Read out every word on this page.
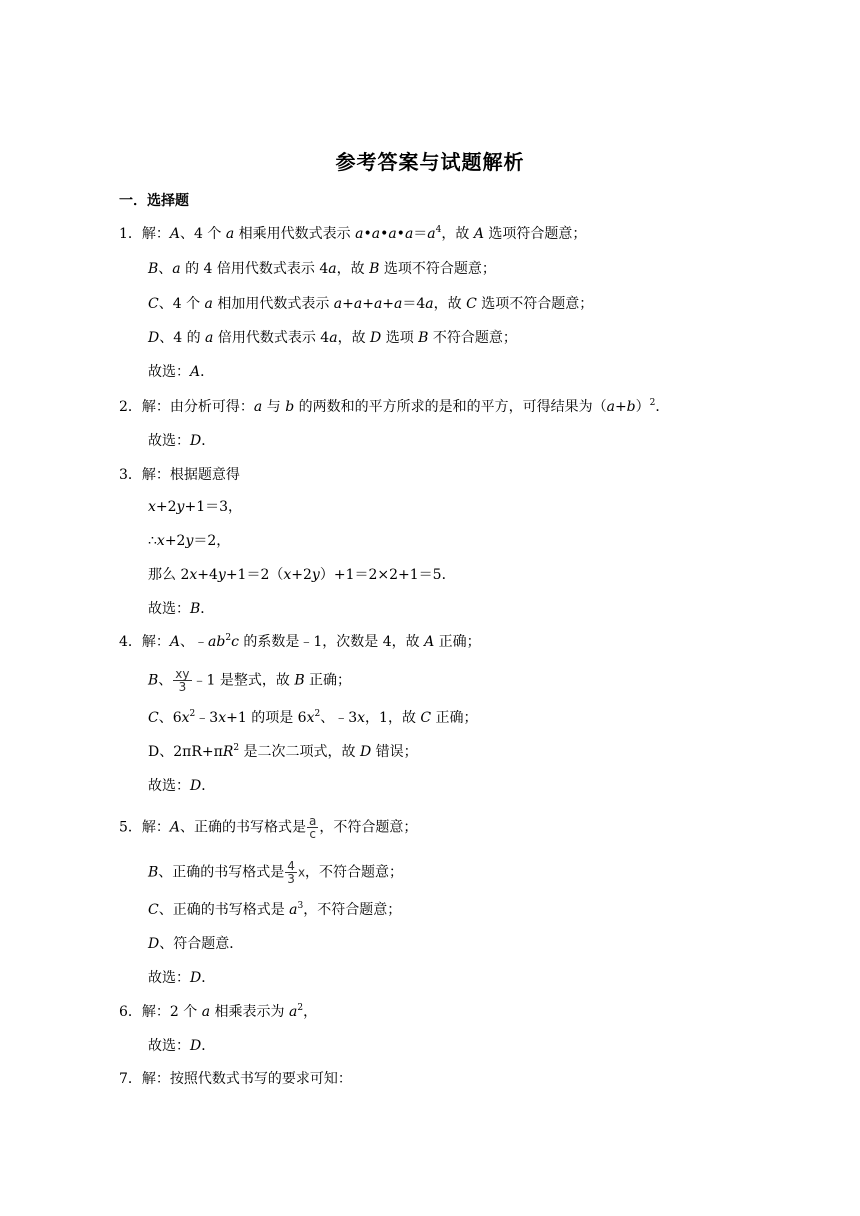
参考答案与试题解析
一．选择题
1．解：A、4 个 a 相乘用代数式表示 $a•a•a•a=a^4$，故 A 选项符合题意；
B、a 的 4 倍用代数式表示 4a，故 B 选项不符合题意；
C、4 个 a 相加用代数式表示 a+a+a+a＝4a，故 C 选项不符合题意；
D、4 的 a 倍用代数式表示 4a，故 D 选项 B 不符合题意；
故选：A．
2．解：由分析可得：a 与 b 的两数和的平方所求的是和的平方，可得结果为$(a+b)^2$．
故选：D．
3．解：根据题意得
x+2y+1＝3，
∴x+2y＝2，
那么 2x+4y+1＝2（x+2y）+1＝2×2+1＝5．
故选：B．
4．解：A、$﹣ab^2c$ 的系数是﹣1，次数是 4，故 A 正确；
B、 $\frac{xy}{3}$ ﹣1 是整式，故 B 正确；
C、$6x^2﹣3x+1$ 的项是 $6x^2$、﹣3x，1，故 C 正确；
D、$2\pi R+\pi R^2$ 是二次二项式，故 D 错误；
故选：D．
5．解：A、正确的书写格式是 $\frac{a}{c}$ ，不符合题意；
B、正确的书写格式是 $\frac{4}{3}$ x，不符合题意；
C、正确的书写格式是 $a^3$，不符合题意；
D、符合题意．
故选：D．
6．解：2 个 a 相乘表示为 $a^2$，
故选：D．
7．解：按照代数式书写的要求可知：
